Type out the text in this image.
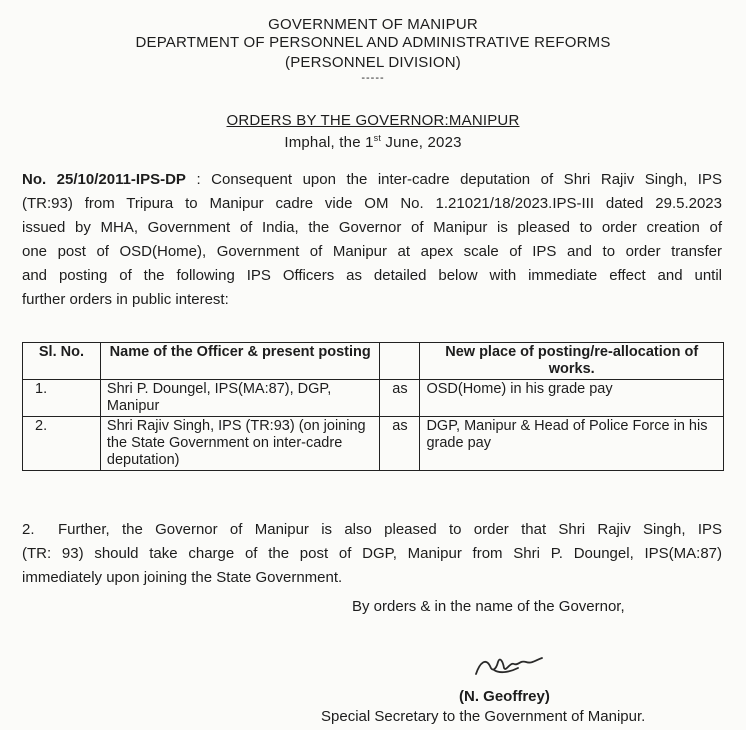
GOVERNMENT OF MANIPUR
DEPARTMENT OF PERSONNEL AND ADMINISTRATIVE REFORMS
(PERSONNEL DIVISION)
-----
ORDERS BY THE GOVERNOR:MANIPUR
Imphal, the 1st June, 2023
No. 25/10/2011-IPS-DP : Consequent upon the inter-cadre deputation of Shri Rajiv Singh, IPS
(TR:93) from Tripura to Manipur cadre vide OM No. 1.21021/18/2023.IPS-III dated 29.5.2023
issued by MHA, Government of India, the Governor of Manipur is pleased to order creation of
one post of OSD(Home), Government of Manipur at apex scale of IPS and to order transfer
and posting of the following IPS Officers as detailed below with immediate effect and until
further orders in public interest:
Sl. No.	Name of the Officer & present posting		New place of posting/re-allocation of works.
1.	Shri P. Doungel, IPS(MA:87), DGP, Manipur	as	OSD(Home) in his grade pay
2.	Shri Rajiv Singh, IPS (TR:93) (on joining the State Government on inter-cadre deputation)	as	DGP, Manipur & Head of Police Force in his grade pay
2. Further, the Governor of Manipur is also pleased to order that Shri Rajiv Singh, IPS
(TR: 93) should take charge of the post of DGP, Manipur from Shri P. Doungel, IPS(MA:87)
immediately upon joining the State Government.
By orders & in the name of the Governor,
(N. Geoffrey)
Special Secretary to the Government of Manipur.
